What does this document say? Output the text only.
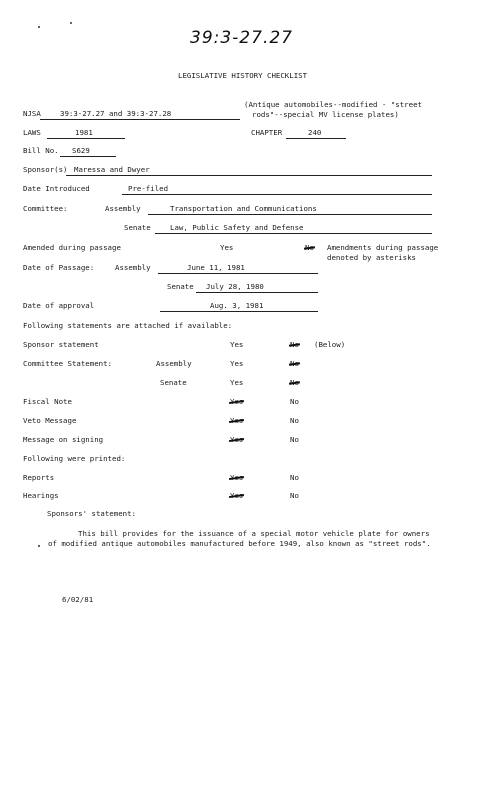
39:3-27.27
LEGISLATIVE HISTORY CHECKLIST
NJSA	39:3-27.27 and 39:3-27.28
(Antique automobiles--modified - "street
rods"--special MV license plates)
LAWS	1981	CHAPTER	240
Bill No. S629
Sponsor(s) Maressa and Dwyer
Date Introduced	Pre-filed
Committee:	Assembly	Transportation and Communications
Senate	Law, Public Safety and Defense
Amended during passage	Yes	No Amendments during passage
denoted by asterisks
Date of Passage:	Assembly	June 11, 1981
Senate July 28, 1980
Date of approval	Aug. 3, 1981
Following statements are attached if available:
Sponsor statement	Yes	No (Below)
Committee Statement:	Assembly	Yes	No
Senate	Yes	No
Fiscal Note	Yes	No
Veto Message	Yes	No
Message on signing	Yes	No
Following were printed:
Reports	Yes	No
Hearings	Yes	No
Sponsors' statement:
This bill provides for the issuance of a special motor vehicle plate for owners
of modified antique automobiles manufactured before 1949, also known as "street rods".
6/02/81
